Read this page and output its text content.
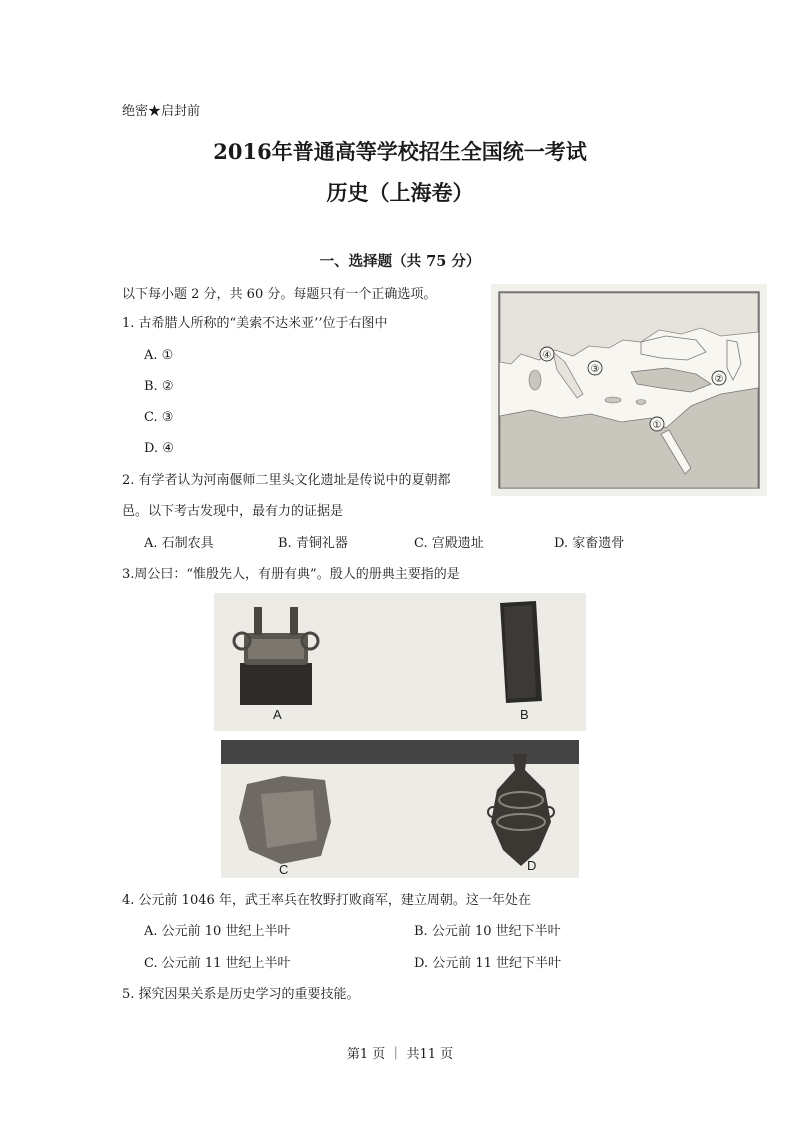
绝密★启封前
2016年普通高等学校招生全国统一考试
历史（上海卷）
一、选择题（共 75 分）
以下每小题 2 分，共 60 分。每题只有一个正确选项。
1. 古希腊人所称的“美索不达米亚’’位于右图中
A. ①
B. ②
C. ③
D. ④
④
③
②
①
2. 有学者认为河南偃师二里头文化遗址是传说中的夏朝都
邑。以下考古发现中，最有力的证据是
A. 石制农具	B. 青铜礼器	C. 宫殿遗址	D. 家畜遗骨
3.周公曰：“惟殷先人，有册有典”。殷人的册典主要指的是
A	B
C	D
4. 公元前 1046 年，武王率兵在牧野打败商军，建立周朝。这一年处在
A. 公元前 10 世纪上半叶	B. 公元前 10 世纪下半叶
C. 公元前 11 世纪上半叶	D. 公元前 11 世纪下半叶
5. 探究因果关系是历史学习的重要技能。
第1 页 ｜ 共11 页
